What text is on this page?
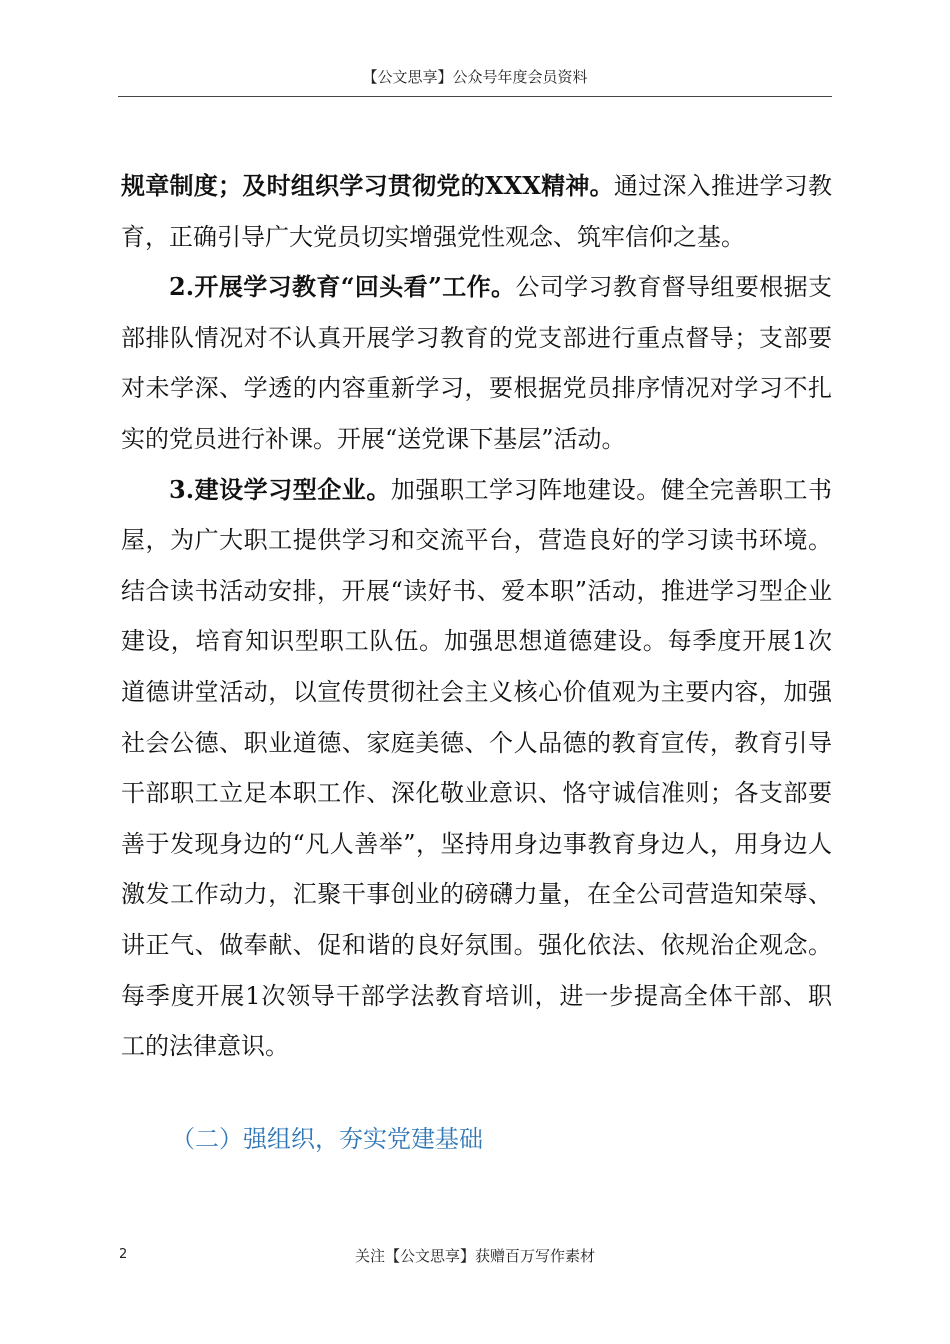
【公文思享】公众号年度会员资料

规章制度；及时组织学习贯彻党的XXX精神。通过深入推进学习教育，正确引导广大党员切实增强党性观念、筑牢信仰之基。

2.开展学习教育“回头看”工作。公司学习教育督导组要根据支部排队情况对不认真开展学习教育的党支部进行重点督导；支部要对未学深、学透的内容重新学习，要根据党员排序情况对学习不扎实的党员进行补课。开展“送党课下基层”活动。

3.建设学习型企业。加强职工学习阵地建设。健全完善职工书屋，为广大职工提供学习和交流平台，营造良好的学习读书环境。结合读书活动安排，开展“读好书、爱本职”活动，推进学习型企业建设，培育知识型职工队伍。加强思想道德建设。每季度开展1次道德讲堂活动，以宣传贯彻社会主义核心价值观为主要内容，加强社会公德、职业道德、家庭美德、个人品德的教育宣传，教育引导干部职工立足本职工作、深化敬业意识、恪守诚信准则；各支部要善于发现身边的“凡人善举”，坚持用身边事教育身边人，用身边人激发工作动力，汇聚干事创业的磅礴力量，在全公司营造知荣辱、讲正气、做奉献、促和谐的良好氛围。强化依法、依规治企观念。每季度开展1次领导干部学法教育培训，进一步提高全体干部、职工的法律意识。

（二）强组织，夯实党建基础
2	关注【公文思享】获赠百万写作素材
